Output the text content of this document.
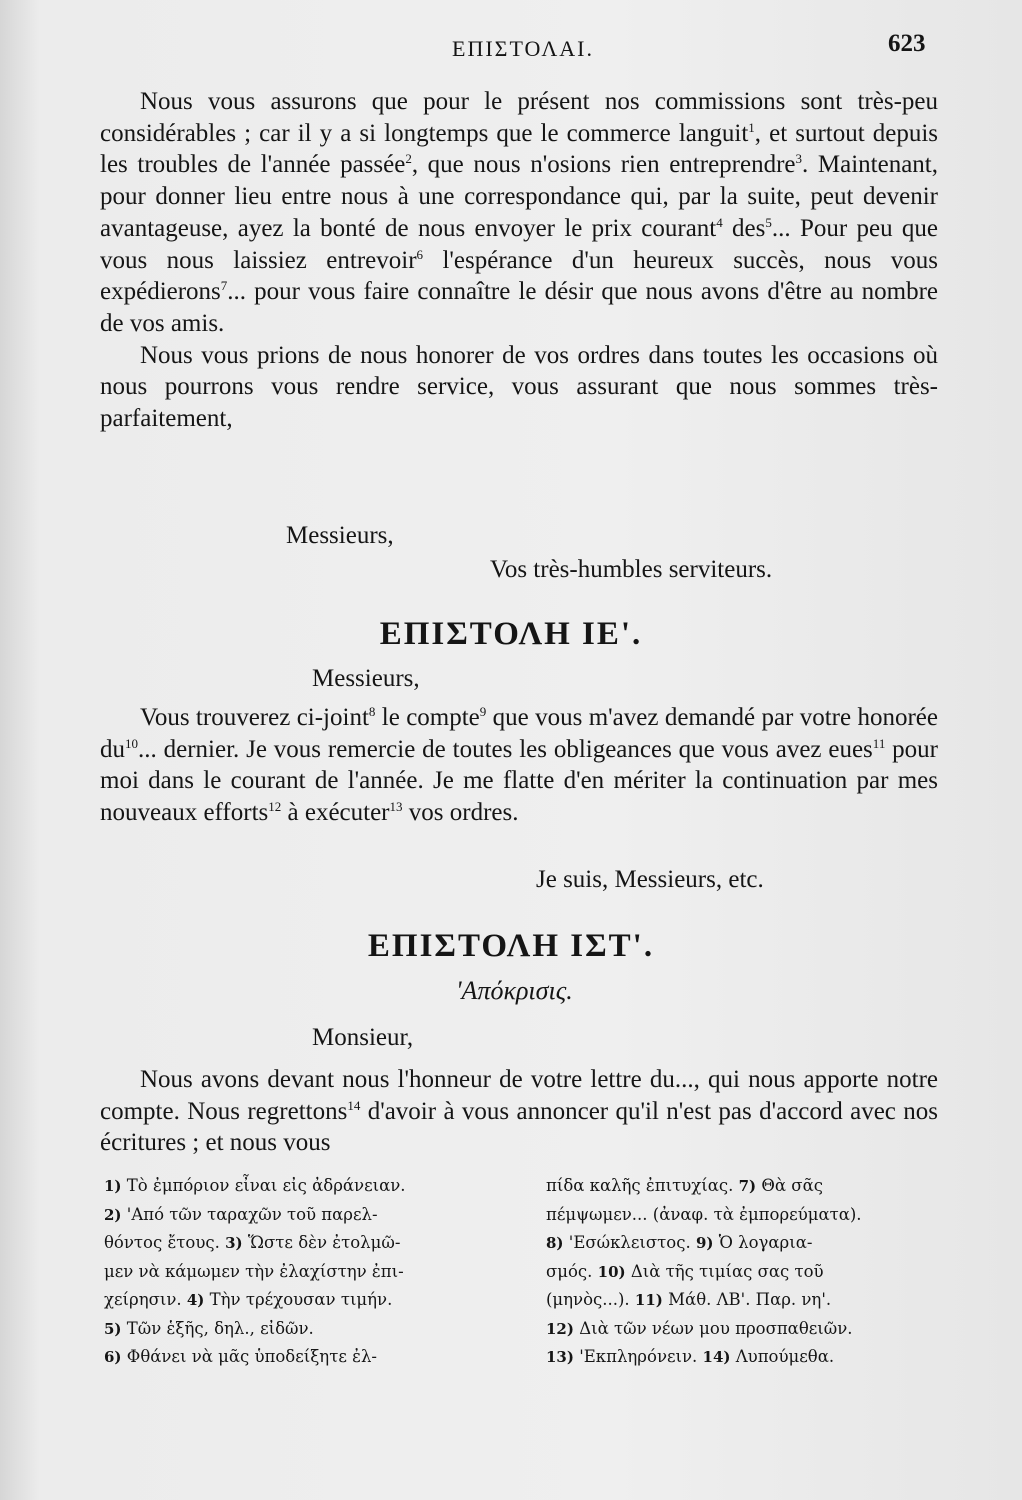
ΕΠΙΣΤΟΛΑΙ.	623

Nous vous assurons que pour le présent nos commissions sont très-peu considérables ; car il y a si longtemps que le commerce languit$^1$, et surtout depuis les troubles de l'année passée$^2$, que nous n'osions rien entreprendre$^3$. Maintenant, pour donner lieu entre nous à une correspondance qui, par la suite, peut devenir avantageuse, ayez la bonté de nous envoyer le prix courant$^4$ des$^5$... Pour peu que vous nous laissiez entrevoir$^6$ l'espérance d'un heureux succès, nous vous expédierons$^7$... pour vous faire connaître le désir que nous avons d'être au nombre de vos amis.

Nous vous prions de nous honorer de vos ordres dans toutes les occasions où nous pourrons vous rendre service, vous assurant que nous sommes très-parfaitement,

Messieurs,
Vos très-humbles serviteurs.
ΕΠΙΣΤΟΛΗ ΙΕ'.
Messieurs,

Vous trouverez ci-joint$^8$ le compte$^9$ que vous m'avez demandé par votre honorée $du^{10}$... dernier. Je vous remercie de toutes les obligeances que vous avez eues$^{11}$ pour moi dans le courant de l'année. Je me flatte d'en mériter la continuation par mes nouveaux efforts$^{12}$ à exécuter$^{13}$ vos ordres.

Je suis, Messieurs, etc.
ΕΠΙΣΤΟΛΗ ΙΣΤ'.
'Απόκρισις.
Monsieur,

Nous avons devant nous l'honneur de votre lettre du..., qui nous apporte notre compte. Nous regrettons$^{14}$ d'avoir à vous annoncer qu'il n'est pas d'accord avec nos écritures ; et nous vous

1) Τὸ ἐμπόριον εἶναι εἰς ἀδράνειαν.
2) 'Από τῶν ταραχῶν τοῦ παρελ-
θόντος ἔτους. 3) Ὥστε δὲν ἐτολμῶ-
μεν νὰ κάμωμεν τὴν ἐλαχίστην ἐπι-
χείρησιν. 4) Τὴν τρέχουσαν τιμήν.
5) Τῶν ἑξῆς, δηλ., εἰδῶν.
6) Φθάνει νὰ μᾶς ὑποδείξητε ἐλ-
πίδα καλῆς ἐπιτυχίας. 7) Θὰ σᾶς
πέμψωμεν... (ἀναφ. τὰ ἐμπορεύματα).
8) 'Εσώκλειστος. 9) Ὁ λογαρια-
σμός. 10) Διὰ τῆς τιμίας σας τοῦ
(μηνὸς...). 11) Μάθ. ΛΒ'. Παρ. νη'.
12) Διὰ τῶν νέων μου προσπαθειῶν.
13) 'Εκπληρόνειν. 14) Λυπούμεθα.
